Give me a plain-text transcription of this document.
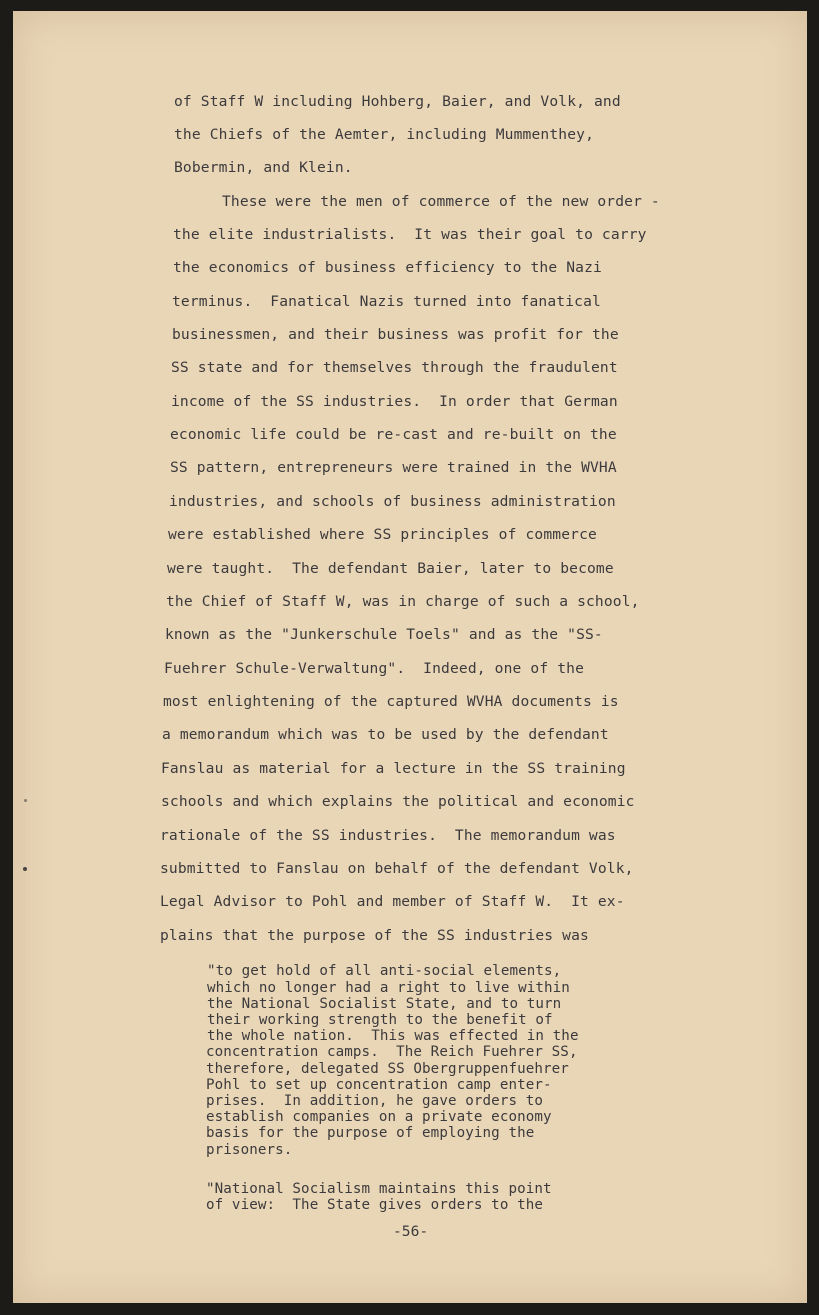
of Staff W including Hohberg, Baier, and Volk, and
the Chiefs of the Aemter, including Mummenthey,
Bobermin, and Klein.
These were the men of commerce of the new order -
the elite industrialists.  It was their goal to carry
the economics of business efficiency to the Nazi
terminus.  Fanatical Nazis turned into fanatical
businessmen, and their business was profit for the
SS state and for themselves through the fraudulent
income of the SS industries.  In order that German
economic life could be re-cast and re-built on the
SS pattern, entrepreneurs were trained in the WVHA
industries, and schools of business administration
were established where SS principles of commerce
were taught.  The defendant Baier, later to become
the Chief of Staff W, was in charge of such a school,
known as the "Junkerschule Toels" and as the "SS-
Fuehrer Schule-Verwaltung".  Indeed, one of the
most enlightening of the captured WVHA documents is
a memorandum which was to be used by the defendant
Fanslau as material for a lecture in the SS training
schools and which explains the political and economic
rationale of the SS industries.  The memorandum was
submitted to Fanslau on behalf of the defendant Volk,
Legal Advisor to Pohl and member of Staff W.  It ex-
plains that the purpose of the SS industries was
"to get hold of all anti-social elements,
which no longer had a right to live within
the National Socialist State, and to turn
their working strength to the benefit of
the whole nation.  This was effected in the
concentration camps.  The Reich Fuehrer SS,
therefore, delegated SS Obergruppenfuehrer
Pohl to set up concentration camp enter-
prises.  In addition, he gave orders to
establish companies on a private economy
basis for the purpose of employing the
prisoners.
"National Socialism maintains this point
of view:  The State gives orders to the
-56-
